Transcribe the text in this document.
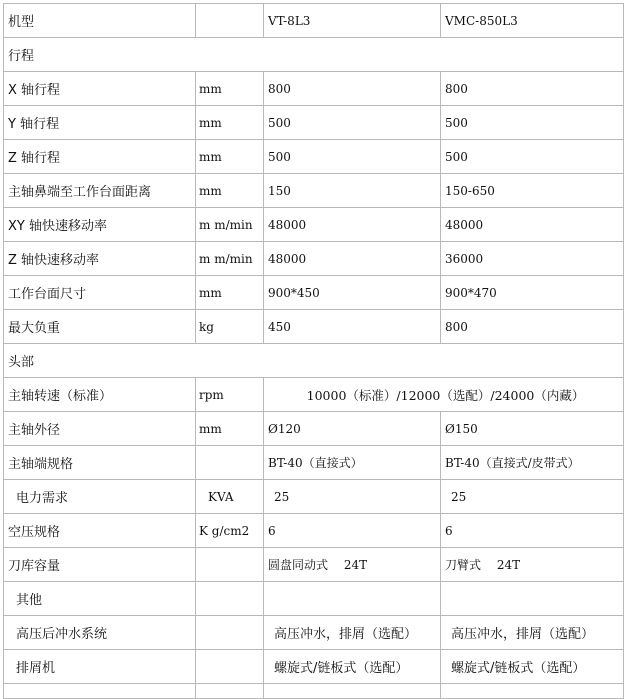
机型		VT-8L3	VMC-850L3
行程			
X 轴行程	mm	800	800
Y 轴行程	mm	500	500
Z 轴行程	mm	500	500
主轴鼻端至工作台面距离	mm	150	150-650
XY 轴快速移动率	m m/min	48000	48000
Z 轴快速移动率	m m/min	48000	36000
工作台面尺寸	mm	900*450	900*470
最大负重	kg	450	800
头部			
主轴转速（标准）	rpm	10000（标准）/12000（选配）/24000（内藏）	
主轴外径	mm	Ø120	Ø150
主轴端规格		BT-40（直接式）	BT-40（直接式/皮带式）
电力需求	KVA	25	25
空压规格	K g/cm2	6	6
刀库容量		圆盘同动式　 24T	刀臂式　 24T
其他			
高压后冲水系统		高压冲水，排屑（选配）	高压冲水，排屑（选配）
排屑机		螺旋式/链板式（选配）	螺旋式/链板式（选配）
